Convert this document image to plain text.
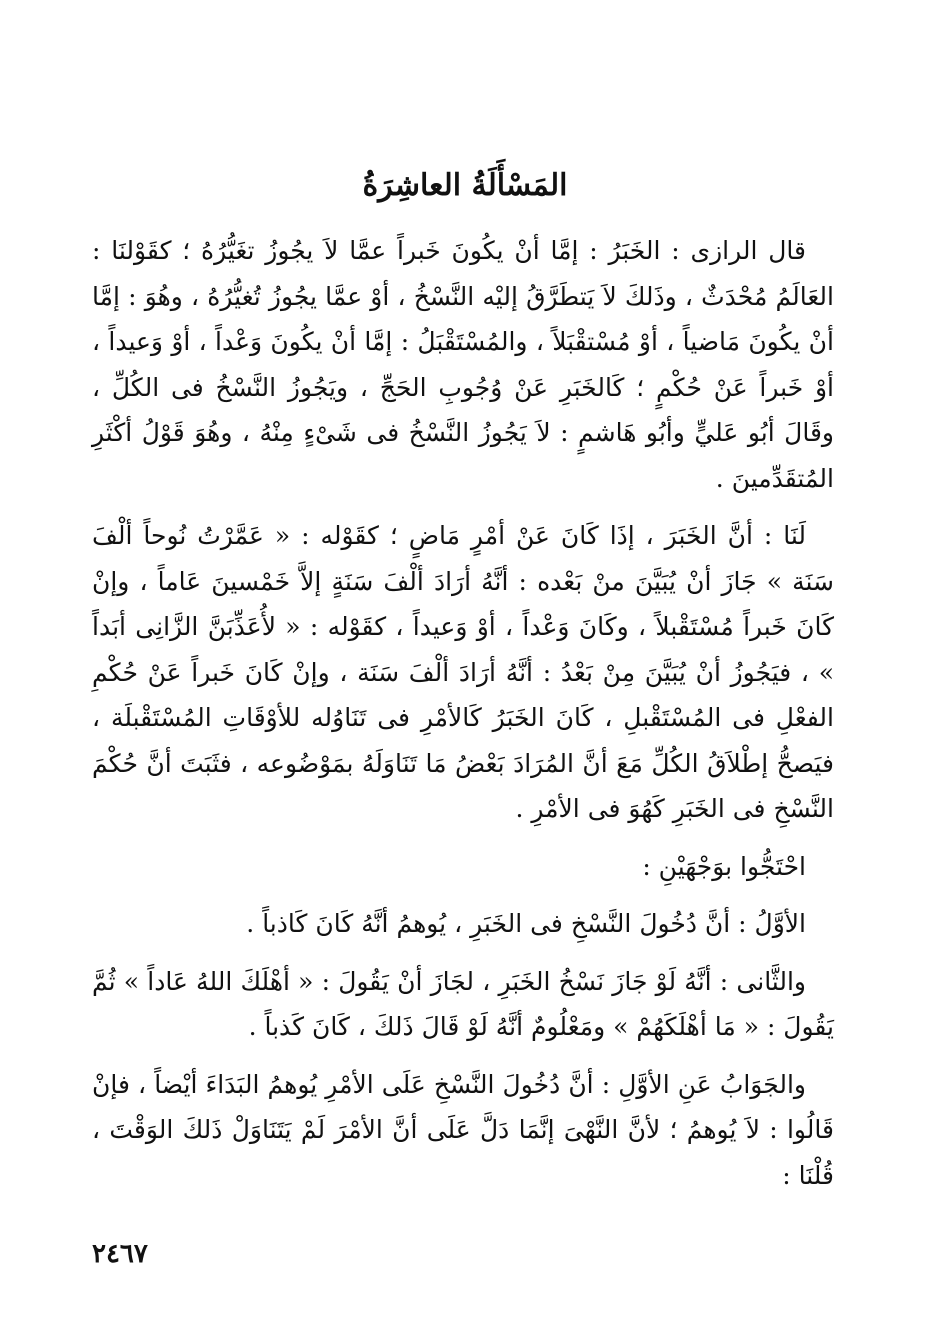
المَسْأَلَةُ العاشِرَةُ

قال الرازى : الخَبَرُ : إمَّا أنْ يكُونَ خَبراً عمَّا لاَ يجُوزُ تغَيُّرُهُ ؛ كقَوْلنَا : العَالَمُ مُحْدَثٌ ، وذَلكَ لاَ يَتطَرَّقُ إليْه النَّسْخُ ، أوْ عمَّا يجُوزُ تُغيُّرُهُ ، وهُوَ : إمَّا أنْ يكُونَ مَاضياً ، أوْ مُسْتقْبَلاً ، والمُسْتَقْبَلُ : إمَّا أنْ يكُونَ وَعْداً ، أوْ وَعيداً ، أوْ خَبراً عَنْ حُكْمٍ ؛ كَالخَبَرِ عَنْ وُجُوبِ الحَجِّ ، ويَجُوزُ النَّسْخُ فى الكُلِّ ، وقَالَ أبُو عَليٍّ وأبُو هَاشمٍ : لاَ يَجُوزُ النَّسْخُ فى شَىْءٍ مِنْهُ ، وهُوَ قَوْلُ أكْثَرِ المُتقَدِّمينَ .

لَنَا : أنَّ الخَبَرَ ، إذَا كَانَ عَنْ أمْرٍ مَاضٍ ؛ كقَوْله : « عَمَّرْتُ نُوحاً ألْفَ سَنَة » جَازَ أنْ يُبَيَّنَ منْ بَعْده : أنَّهُ أرَادَ ألْفَ سَنَةٍ إلاَّ خَمْسينَ عَاماً ، وإنْ كَانَ خَبراً مُسْتَقْبلاً ، وكَانَ وَعْداً ، أوْ وَعيداً ، كقَوْله : « لأُعَذِّبَنَّ الزَّانِى أبَداً » ، فيَجُوزُ أنْ يُبَيَّنَ مِنْ بَعْدُ : أنَّهُ أرَادَ ألْفَ سَنَة ، وإنْ كَانَ خَبراً عَنْ حُكْمِ الفعْلِ فى المُسْتَقْبلِ ، كَانَ الخَبَرُ كَالأمْرِ فى تَنَاوُله للأوْقَاتِ المُسْتَقْبلَة ، فيَصحُّ إطْلاَقُ الكُلِّ مَعَ أنَّ المُرَادَ بَعْضُ مَا تَنَاوَلَهُ بمَوْضُوعه ، فثَبَتَ أنَّ حُكْمَ النَّسْخِ فى الخَبَرِ كَهُوَ فى الأمْرِ .

احْتَجُّوا بوَجْهَيْنِ :

الأوَّلُ : أنَّ دُخُولَ النَّسْخِ فى الخَبَرِ ، يُوهمُ أنَّهُ كَانَ كَاذباً .

والثَّانى : أنَّهُ لَوْ جَازَ نَسْخُ الخَبَرِ ، لجَازَ أنْ يَقُولَ : « أهْلَكَ اللهُ عَاداً » ثُمَّ يَقُولَ : « مَا أهْلَكَهُمْ » ومَعْلُومٌ أنَّهُ لَوْ قَالَ ذَلكَ ، كَانَ كَذباً .

والجَوَابُ عَنِ الأوَّلِ : أنَّ دُخُولَ النَّسْخِ عَلَى الأمْرِ يُوهمُ البَدَاءَ أيْضاً ، فإنْ قَالُوا : لاَ يُوهمُ ؛ لأنَّ النَّهْىَ إنَّمَا دَلَّ عَلَى أنَّ الأمْرَ لَمْ يَتَنَاوَلْ ذَلكَ الوَقْتَ ، قُلْنَا :

٢٤٦٧
